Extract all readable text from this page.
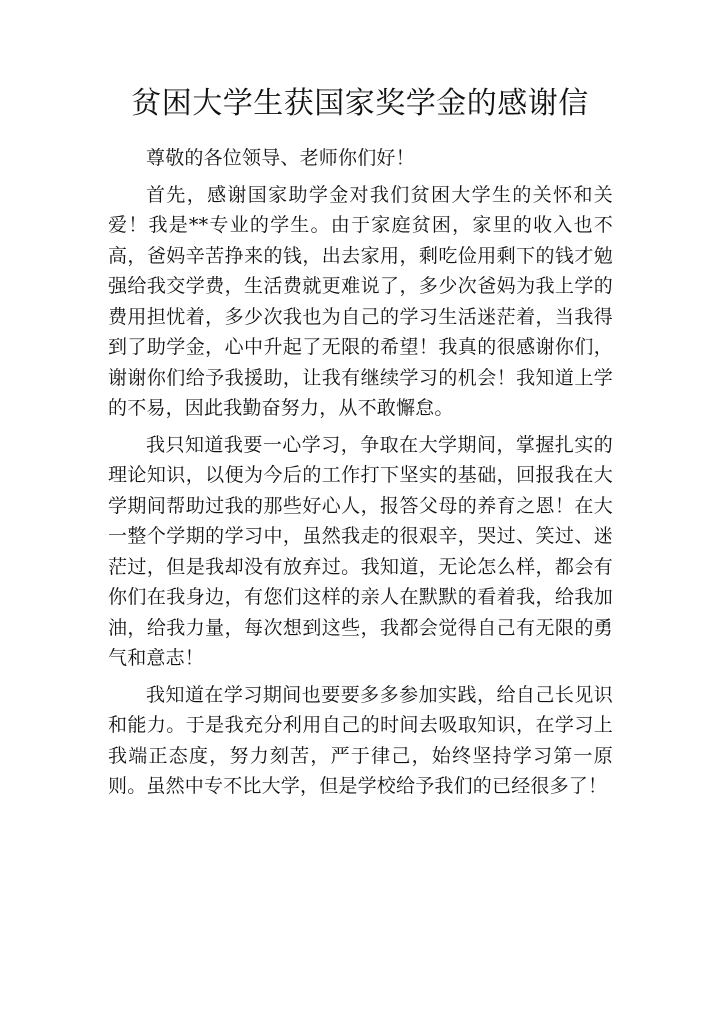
贫困大学生获国家奖学金的感谢信

尊敬的各位领导、老师你们好！

首先，感谢国家助学金对我们贫困大学生的关怀和关爱！我是**专业的学生。由于家庭贫困，家里的收入也不高，爸妈辛苦挣来的钱，出去家用，剩吃俭用剩下的钱才勉强给我交学费，生活费就更难说了，多少次爸妈为我上学的费用担忧着，多少次我也为自己的学习生活迷茫着，当我得到了助学金，心中升起了无限的希望！我真的很感谢你们，谢谢你们给予我援助，让我有继续学习的机会！我知道上学的不易，因此我勤奋努力，从不敢懈怠。

我只知道我要一心学习，争取在大学期间，掌握扎实的理论知识，以便为今后的工作打下坚实的基础，回报我在大学期间帮助过我的那些好心人，报答父母的养育之恩！在大一整个学期的学习中，虽然我走的很艰辛，哭过、笑过、迷茫过，但是我却没有放弃过。我知道，无论怎么样，都会有你们在我身边，有您们这样的亲人在默默的看着我，给我加油，给我力量，每次想到这些，我都会觉得自己有无限的勇气和意志！

我知道在学习期间也要要多多参加实践，给自己长见识和能力。于是我充分利用自己的时间去吸取知识，在学习上我端正态度，努力刻苦，严于律己，始终坚持学习第一原则。虽然中专不比大学，但是学校给予我们的已经很多了！
